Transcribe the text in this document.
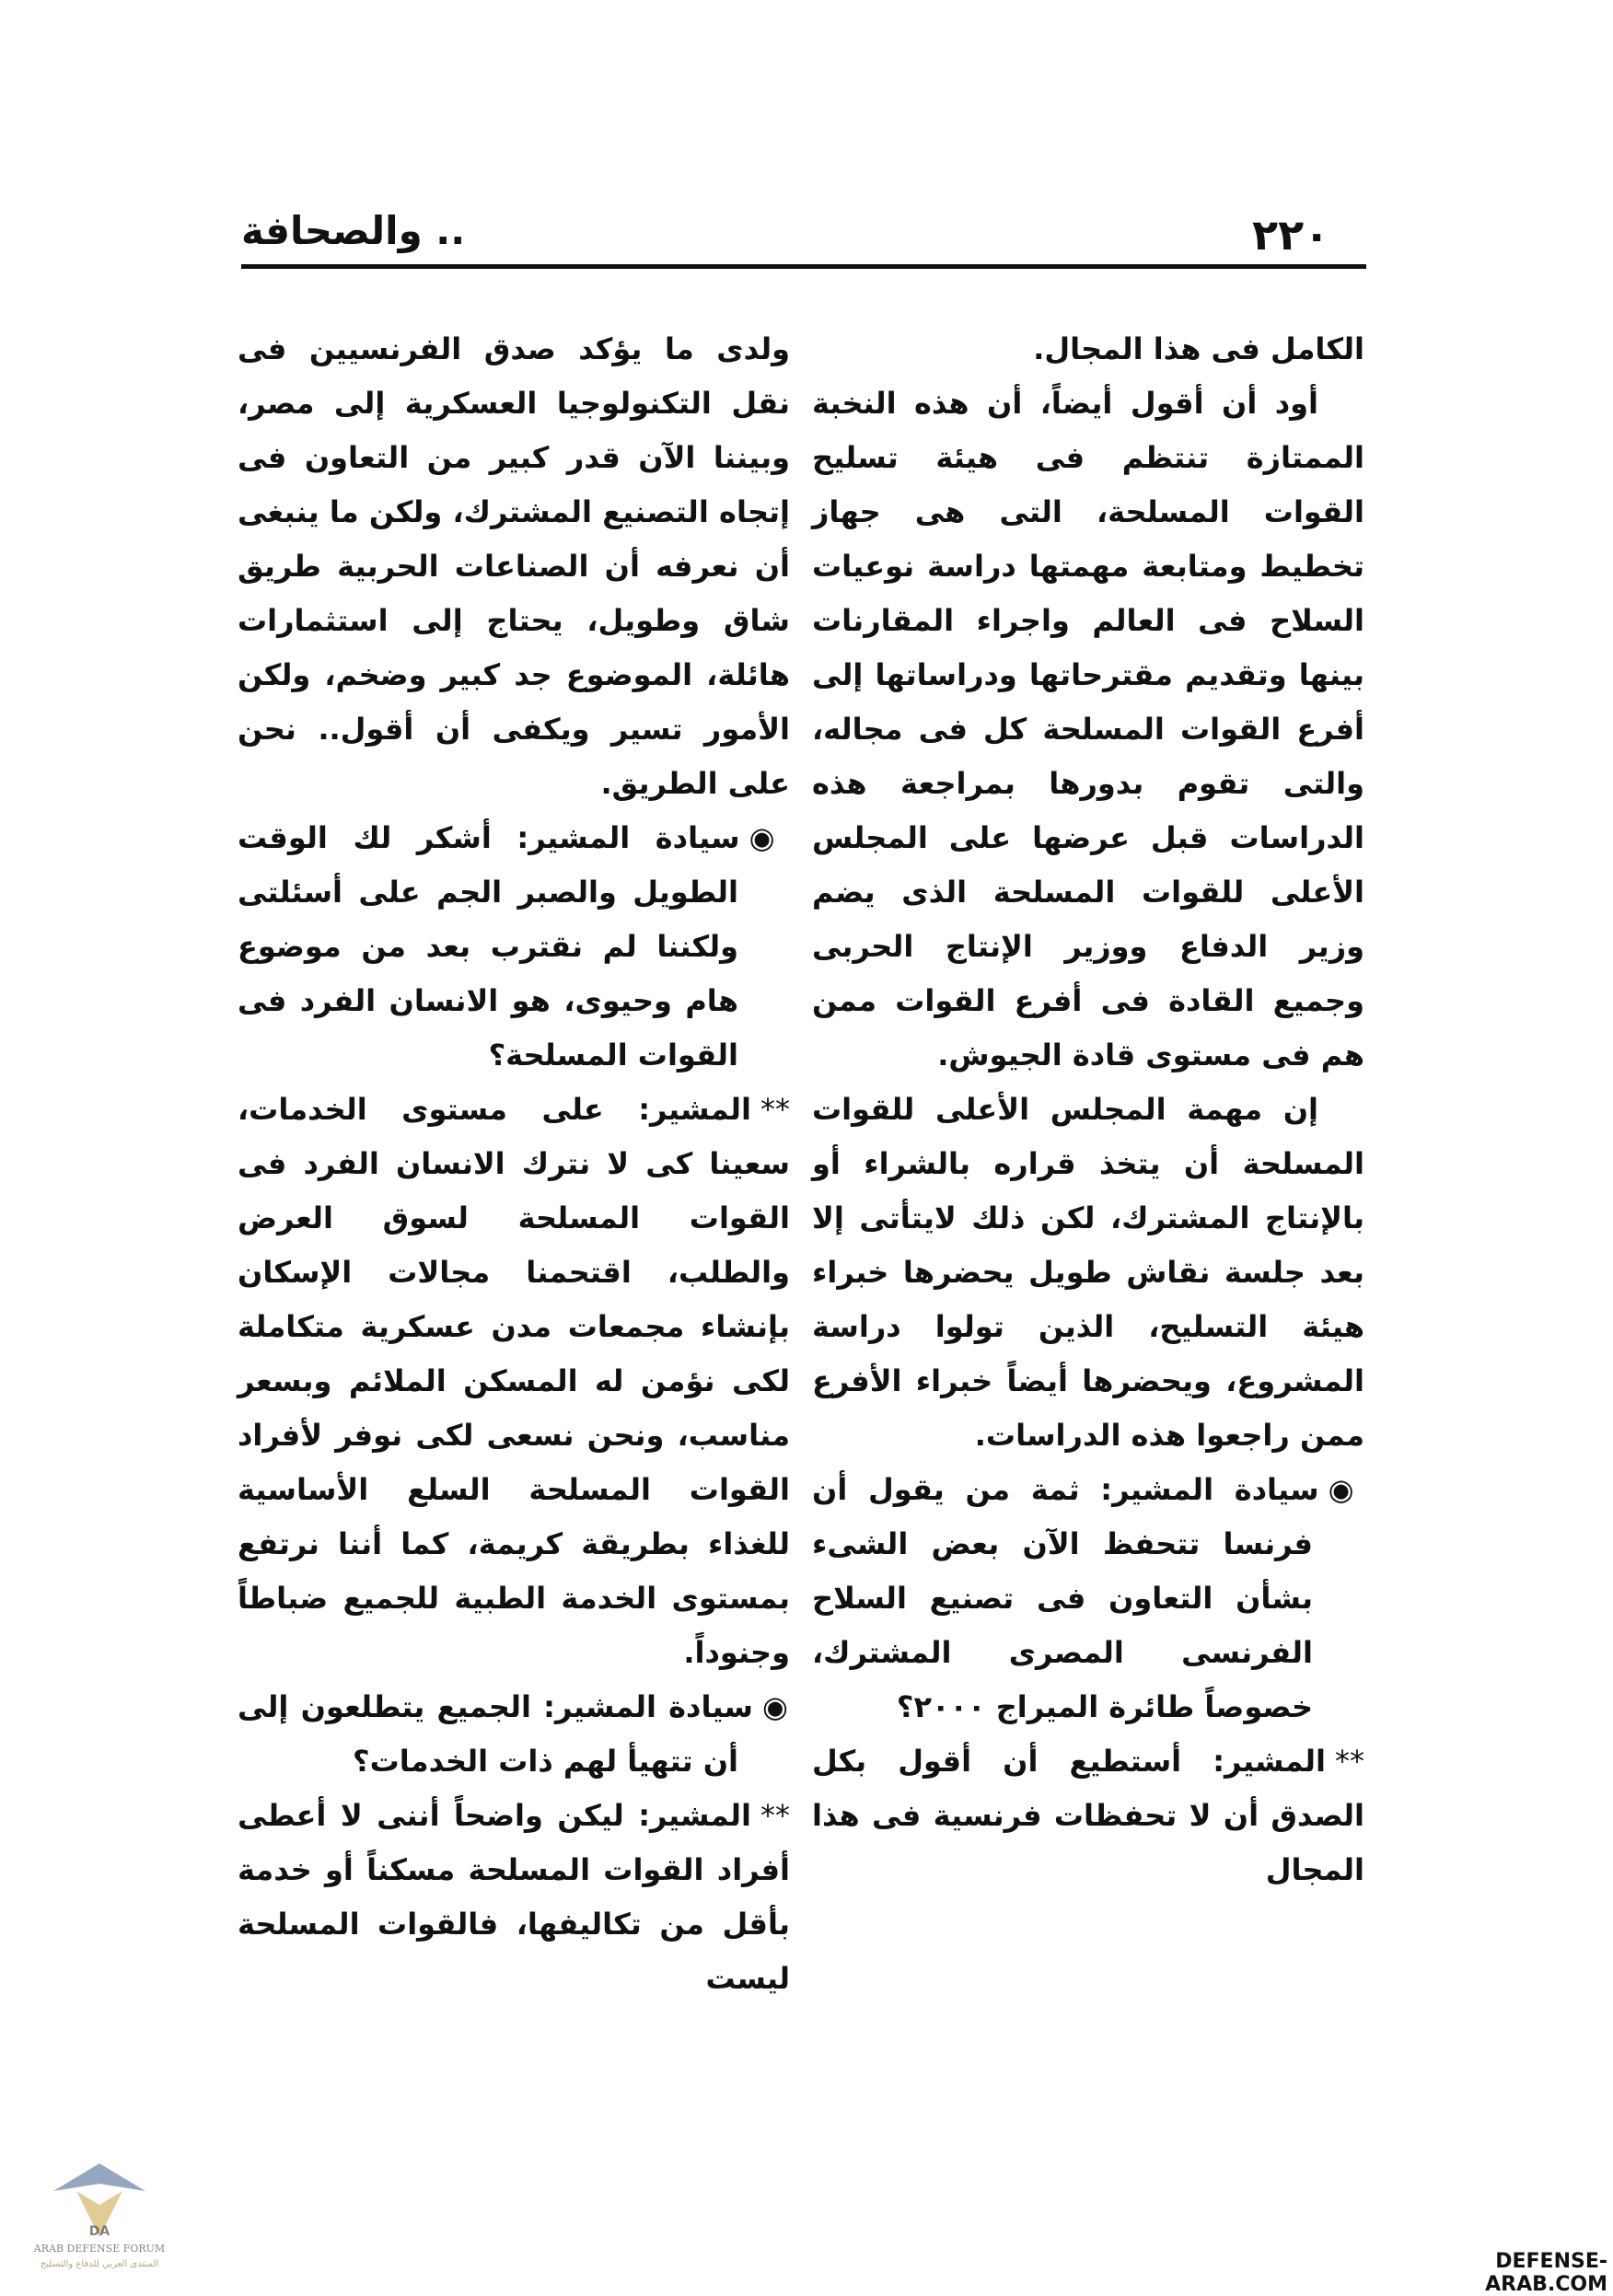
٢٢٠
.. والصحافة

الكامل فى هذا المجال.

أود أن أقول أيضاً، أن هذه النخبة الممتازة تنتظم فى هيئة تسليح القوات المسلحة، التى هى جهاز تخطيط ومتابعة مهمتها دراسة نوعيات السلاح فى العالم واجراء المقارنات بينها وتقديم مقترحاتها ودراساتها إلى أفرع القوات المسلحة كل فى مجاله، والتى تقوم بدورها بمراجعة هذه الدراسات قبل عرضها على المجلس الأعلى للقوات المسلحة الذى يضم وزير الدفاع ووزير الإنتاج الحربى وجميع القادة فى أفرع القوات ممن هم فى مستوى قادة الجيوش.

إن مهمة المجلس الأعلى للقوات المسلحة أن يتخذ قراره بالشراء أو بالإنتاج المشترك، لكن ذلك لايتأتى إلا بعد جلسة نقاش طويل يحضرها خبراء هيئة التسليح، الذين تولوا دراسة المشروع، ويحضرها أيضاً خبراء الأفرع ممن راجعوا هذه الدراسات.

◉سيادة المشير: ثمة من يقول أن فرنسا تتحفظ الآن بعض الشىء بشأن التعاون فى تصنيع السلاح الفرنسى المصرى المشترك، خصوصاً طائرة الميراج ٢٠٠٠؟

**المشير: أستطيع أن أقول بكل الصدق أن لا تحفظات فرنسية فى هذا المجال

ولدى ما يؤكد صدق الفرنسيين فى نقل التكنولوجيا العسكرية إلى مصر، وبيننا الآن قدر كبير من التعاون فى إتجاه التصنيع المشترك، ولكن ما ينبغى أن نعرفه أن الصناعات الحربية طريق شاق وطويل، يحتاج إلى استثمارات هائلة، الموضوع جد كبير وضخم، ولكن الأمور تسير ويكفى أن أقول.. نحن على الطريق.

◉سيادة المشير: أشكر لك الوقت الطويل والصبر الجم على أسئلتى ولكننا لم نقترب بعد من موضوع هام وحيوى، هو الانسان الفرد فى القوات المسلحة؟

**المشير: على مستوى الخدمات، سعينا كى لا نترك الانسان الفرد فى القوات المسلحة لسوق العرض والطلب، اقتحمنا مجالات الإسكان بإنشاء مجمعات مدن عسكرية متكاملة لكى نؤمن له المسكن الملائم وبسعر مناسب، ونحن نسعى لكى نوفر لأفراد القوات المسلحة السلع الأساسية للغذاء بطريقة كريمة، كما أننا نرتفع بمستوى الخدمة الطبية للجميع ضباطاً وجنوداً.

◉سيادة المشير: الجميع يتطلعون إلى أن تتهيأ لهم ذات الخدمات؟

**المشير: ليكن واضحاً أننى لا أعطى أفراد القوات المسلحة مسكناً أو خدمة بأقل من تكاليفها، فالقوات المسلحة ليست

DA
ARAB DEFENSE FORUM
المنتدى العربي للدفاع والتسليح	DEFENSE-ARAB.COM
